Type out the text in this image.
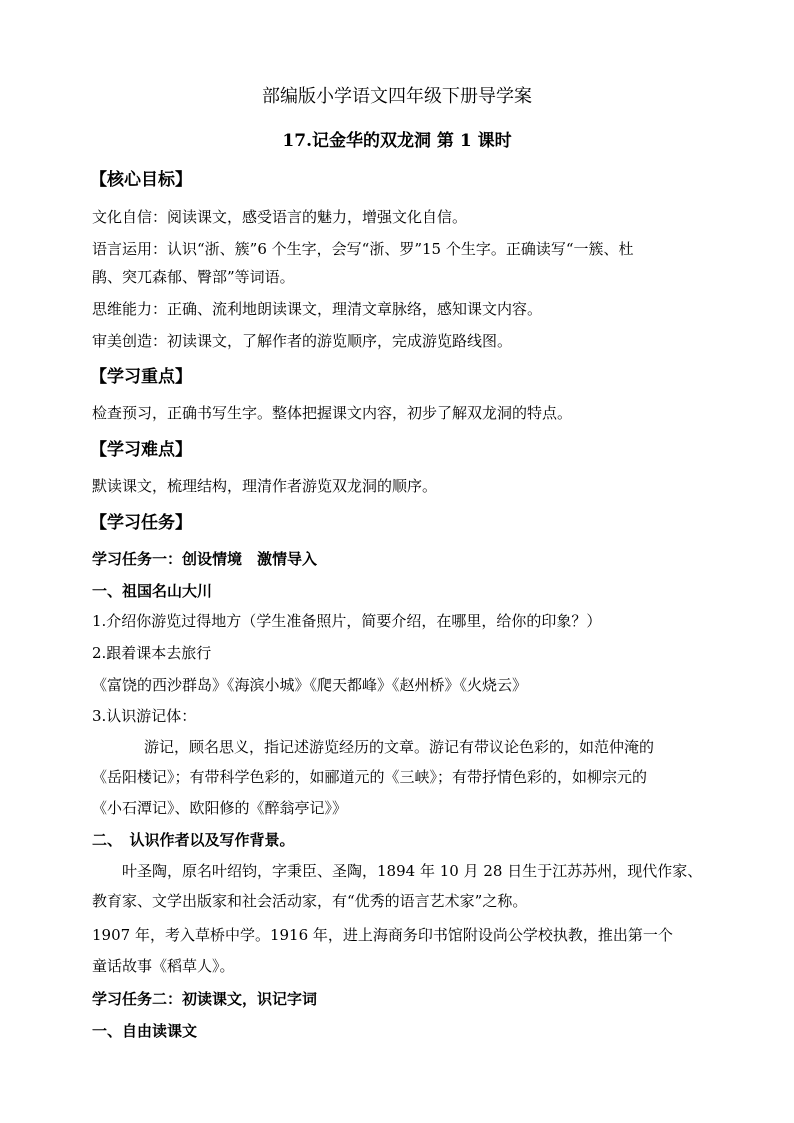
部编版小学语文四年级下册导学案
17.记金华的双龙洞 第 1 课时
【核心目标】
文化自信：阅读课文，感受语言的魅力，增强文化自信。
语言运用：认识“浙、簇”6 个生字，会写“浙、罗”15 个生字。正确读写“一簇、杜
鹃、突兀森郁、臀部”等词语。
思维能力：正确、流利地朗读课文，理清文章脉络，感知课文内容。
审美创造：初读课文，了解作者的游览顺序，完成游览路线图。
【学习重点】
检查预习，正确书写生字。整体把握课文内容，初步了解双龙洞的特点。
【学习难点】
默读课文，梳理结构，理清作者游览双龙洞的顺序。
【学习任务】
学习任务一：创设情境　激情导入
一、祖国名山大川
1.介绍你游览过得地方（学生准备照片，简要介绍，在哪里，给你的印象？）
2.跟着课本去旅行
《富饶的西沙群岛》《海滨小城》《爬天都峰》《赵州桥》《火烧云》
3.认识游记体：
游记，顾名思义，指记述游览经历的文章。游记有带议论色彩的，如范仲淹的
《岳阳楼记》；有带科学色彩的，如郦道元的《三峡》；有带抒情色彩的，如柳宗元的
《小石潭记》、欧阳修的《醉翁亭记》》
二、　认识作者以及写作背景。
叶圣陶，原名叶绍钧，字秉臣、圣陶，1894 年 10 月 28 日生于江苏苏州，现代作家、
教育家、文学出版家和社会活动家，有“优秀的语言艺术家”之称。
1907 年，考入草桥中学。1916 年，进上海商务印书馆附设尚公学校执教，推出第一个
童话故事《稻草人》。
学习任务二：初读课文，识记字词
一、自由读课文
